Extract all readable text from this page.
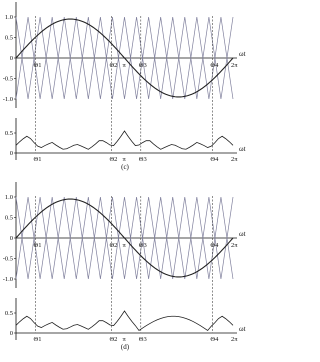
1.0
0.5
0
-0.5
-1.0
ωt
Θ1
Θ1
Θ2
Θ2
π
π
Θ3
Θ3
Θ4
Θ4
2π
2π
0.5
0
ωt
(c)
1.0
0.5
0
-0.5
-1.0
ωt
Θ1
Θ1
Θ2
Θ2
π
π
Θ3
Θ3
Θ4
Θ4
2π
2π
0.5
0
ωt
(d)
